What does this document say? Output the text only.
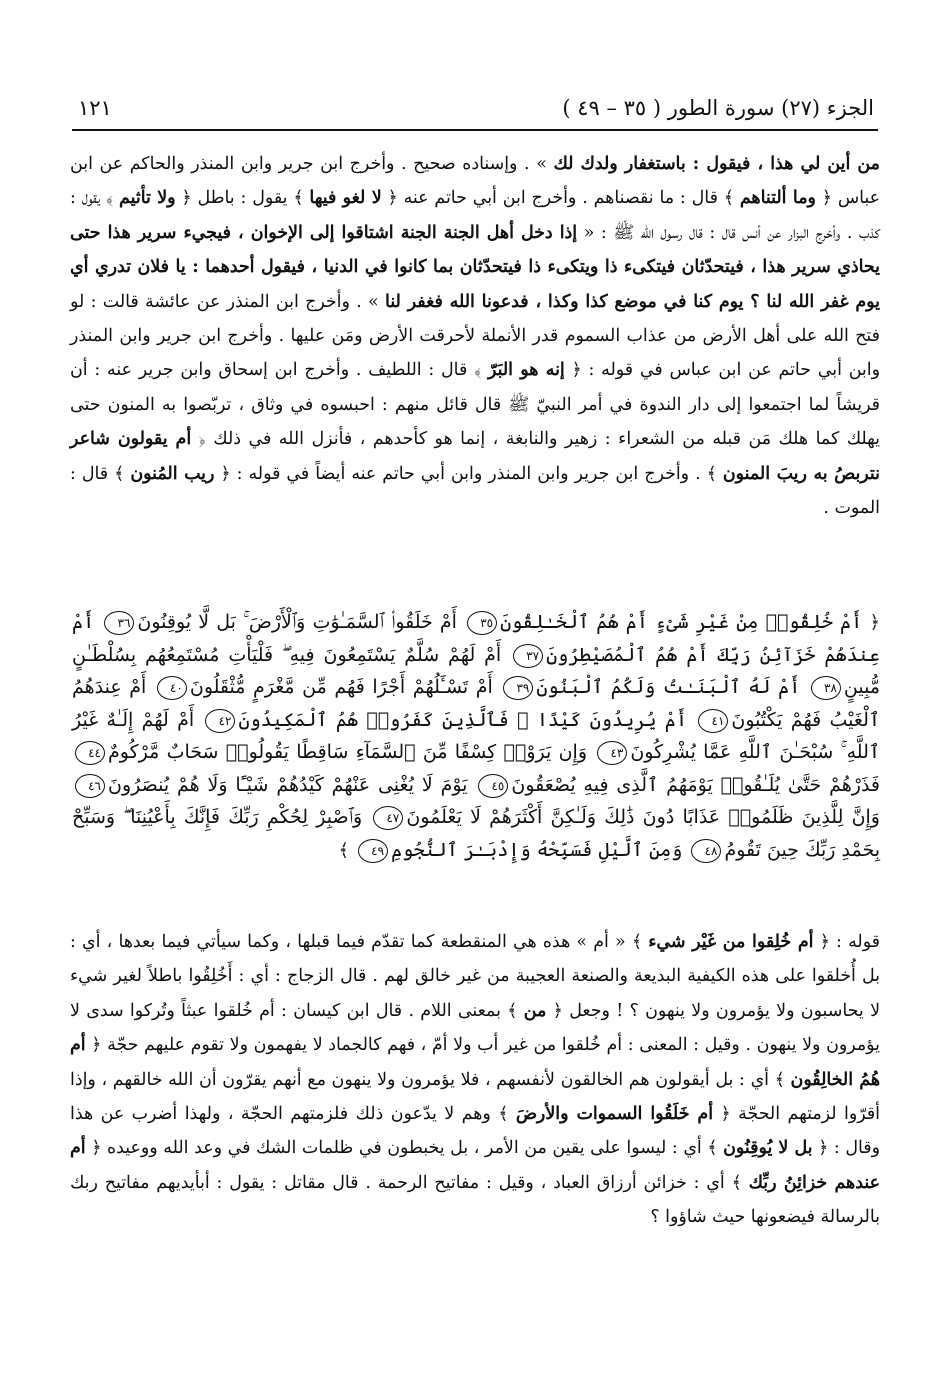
الجزء (٢٧) سورة الطور ( ٣٥ – ٤٩ )
١٢١

من أين لي هذا ، فيقول : باستغفار ولدك لك » . وإسناده صحيح . وأخرج ابن جرير وابن المنذر والحاكم عن ابن عباس ﴿ وما ألتناهم ﴾ قال : ما نقصناهم . وأخرج ابن أبي حاتم عنه ﴿ لا لغو فيها ﴾ يقول : باطل ﴿ ولا تأثيم ﴾ يقول : كذب . وأخرج البزار عن أنس قال : قال رسول الله ﷺ : « إذا دخل أهل الجنة الجنة اشتاقوا إلى الإخوان ، فيجيء سرير هذا حتى يحاذي سرير هذا ، فيتحدّثان فيتكىء ذا ويتكىء ذا فيتحدّثان بما كانوا في الدنيا ، فيقول أحدهما : يا فلان تدري أي يوم غفر الله لنا ؟ يوم كنا في موضع كذا وكذا ، فدعونا الله فغفر لنا » . وأخرج ابن المنذر عن عائشة قالت : لو فتح الله على أهل الأرض من عذاب السموم قدر الأنملة لأحرقت الأرض ومَن عليها . وأخرج ابن جرير وابن المنذر وابن أبي حاتم عن ابن عباس في قوله : ﴿ إنه هو البَرّ ﴾ قال : اللطيف . وأخرج ابن إسحاق وابن جرير عنه : أن قريشاً لما اجتمعوا إلى دار الندوة في أمر النبيّ ﷺ قال قائل منهم : احبسوه في وثاق ، تربّصوا به المنون حتى يهلك كما هلك مَن قبله من الشعراء : زهير والنابغة ، إنما هو كأحدهم ، فأنزل الله في ذلك ﴿ أم يقولون شاعر نتربصُ به ريبَ المنون ﴾ . وأخرج ابن جرير وابن المنذر وابن أبي حاتم عنه أيضاً في قوله : ﴿ ريب المُنون ﴾ قال : الموت .

﴿ أَمْ خُلِقُوا۟ مِنْ غَيْرِ شَىْءٍ أَمْ هُمُ ٱلْخَـٰلِقُونَ٣٥ أَمْ خَلَقُوا۟ ٱلسَّمَـٰوَٰتِ وَٱلْأَرْضَ ۚ بَل لَّا يُوقِنُونَ٣٦ أَمْ عِندَهُمْ خَزَآئِنُ رَبِّكَ أَمْ هُمُ ٱلْمُصَيْطِرُونَ٣٧ أَمْ لَهُمْ سُلَّمٌ يَسْتَمِعُونَ فِيهِ ۖ فَلْيَأْتِ مُسْتَمِعُهُم بِسُلْطَـٰنٍ مُّبِينٍ٣٨ أَمْ لَهُ ٱلْبَنَـٰتُ وَلَكُمُ ٱلْبَنُونَ٣٩ أَمْ تَسْـَٔلُهُمْ أَجْرًا فَهُم مِّن مَّغْرَمٍ مُّثْقَلُونَ٤٠ أَمْ عِندَهُمُ ٱلْغَيْبُ فَهُمْ يَكْتُبُونَ٤١ أَمْ يُرِيدُونَ كَيْدًا ۖ فَٱلَّذِينَ كَفَرُوا۟ هُمُ ٱلْمَكِيدُونَ٤٢ أَمْ لَهُمْ إِلَـٰهٌ غَيْرُ ٱللَّهِ ۚ سُبْحَـٰنَ ٱللَّهِ عَمَّا يُشْرِكُونَ٤٣ وَإِن يَرَوْا۟ كِسْفًا مِّنَ ٱلسَّمَآءِ سَاقِطًا يَقُولُوا۟ سَحَابٌ مَّرْكُومٌ٤٤ فَذَرْهُمْ حَتَّىٰ يُلَـٰقُوا۟ يَوْمَهُمُ ٱلَّذِى فِيهِ يُصْعَقُونَ٤٥ يَوْمَ لَا يُغْنِى عَنْهُمْ كَيْدُهُمْ شَيْـًٔا وَلَا هُمْ يُنصَرُونَ٤٦ وَإِنَّ لِلَّذِينَ ظَلَمُوا۟ عَذَابًا دُونَ ذَٰلِكَ وَلَـٰكِنَّ أَكْثَرَهُمْ لَا يَعْلَمُونَ٤٧ وَٱصْبِرْ لِحُكْمِ رَبِّكَ فَإِنَّكَ بِأَعْيُنِنَا ۖ وَسَبِّحْ بِحَمْدِ رَبِّكَ حِينَ تَقُومُ٤٨ وَمِنَ ٱلَّيْلِ فَسَبِّحْهُ وَإِدْبَـٰرَ ٱلنُّجُومِ٤٩ ﴾

قوله : ﴿ أم خُلِقوا من غَيْر شيء ﴾ « أم » هذه هي المنقطعة كما تقدّم فيما قبلها ، وكما سيأتي فيما بعدها ، أي : بل أُخلقوا على هذه الكيفية البديعة والصنعة العجيبة من غير خالق لهم . قال الزجاج : أي : أَخُلِقُوا باطلاً لغير شيء لا يحاسبون ولا يؤمرون ولا ينهون ؟ ! وجعل ﴿ من ﴾ بمعنى اللام . قال ابن كيسان : أم خُلقوا عبثاً وتُركوا سدى لا يؤمرون ولا ينهون . وقيل : المعنى : أم خُلقوا من غير أب ولا أمّ ، فهم كالجماد لا يفهمون ولا تقوم عليهم حجّة ﴿ أم هُمُ الخالِقُون ﴾ أي : بل أيقولون هم الخالقون لأنفسهم ، فلا يؤمرون ولا ينهون مع أنهم يقرّون أن الله خالقهم ، وإذا أقرّوا لزمتهم الحجّة ﴿ أم خَلَقُوا السموات والأرضَ ﴾ وهم لا يدّعون ذلك فلزمتهم الحجّة ، ولهذا أضرب عن هذا وقال : ﴿ بل لا يُوقِنُون ﴾ أي : ليسوا على يقين من الأمر ، بل يخبطون في ظلمات الشك في وعد الله ووعيده ﴿ أم عندهم خزائِنُ ربِّك ﴾ أي : خزائن أرزاق العباد ، وقيل : مفاتيح الرحمة . قال مقاتل : يقول : أبأيديهم مفاتيح ربك بالرسالة فيضعونها حيث شاؤوا ؟
